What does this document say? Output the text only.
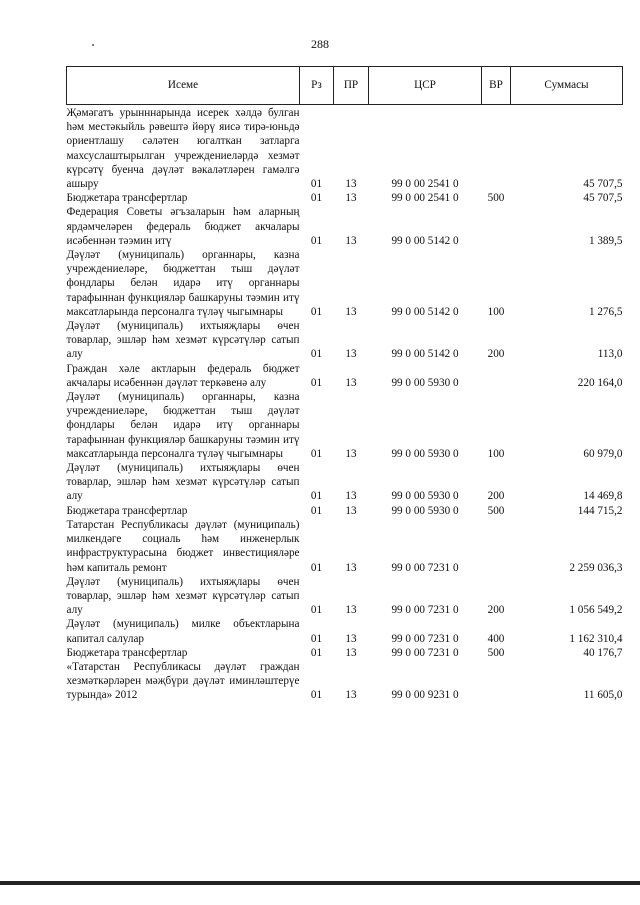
288
Исеме	Рз	ПР	ЦСР	ВР	Суммасы
Җәмәгатъ урынннарында исерек хәлдә булган һәм местәкыйль рәвештә йөрү яисә тирә-юньдә ориентлашу сәләтен югалткан затларга махсуслаштырылган учреждениеләрдә хезмәт күрсәтү буенча дәүләт вәкаләтләрен гамәлгә ашыру	01	13	99 0 00 2541 0		45 707,5
Бюджетара трансфертлар	01	13	99 0 00 2541 0	500	45 707,5
Федерация Советы әгъзаларын һәм аларның ярдәмчеләрен федераль бюджет акчалары исәбеннән тәэмин итү	01	13	99 0 00 5142 0		1 389,5
Дәүләт (муниципаль) органнары, казна учреждениеләре, бюджеттан тыш дәүләт фондлары белән идарә итү органнары тарафыннан функцияләр башкаруны тәэмин итү максатларында персоналга түләү чыгымнары	01	13	99 0 00 5142 0	100	1 276,5
Дәүләт (муниципаль) ихтыяҗлары өчен товарлар, эшләр һәм хезмәт күрсәтүләр сатып алу	01	13	99 0 00 5142 0	200	113,0
Граждан хәле актларын федераль бюджет акчалары исәбеннән дәүләт теркәвенә алу	01	13	99 0 00 5930 0		220 164,0
Дәүләт (муниципаль) органнары, казна учреждениеләре, бюджеттан тыш дәүләт фондлары белән идарә итү органнары тарафыннан функцияләр башкаруны тәэмин итү максатларында персоналга түләү чыгымнары	01	13	99 0 00 5930 0	100	60 979,0
Дәүләт (муниципаль) ихтыяҗлары өчен товарлар, эшләр һәм хезмәт күрсәтүләр сатып алу	01	13	99 0 00 5930 0	200	14 469,8
Бюджетара трансфертлар	01	13	99 0 00 5930 0	500	144 715,2
Татарстан Республикасы дәүләт (муниципаль) милкендәге социаль һәм инженерлык инфраструктурасына бюджет инвестицияләре һәм капиталь ремонт	01	13	99 0 00 7231 0		2 259 036,3
Дәүләт (муниципаль) ихтыяҗлары өчен товарлар, эшләр һәм хезмәт күрсәтүләр сатып алу	01	13	99 0 00 7231 0	200	1 056 549,2
Дәүләт (муниципаль) милке объектларына капитал салулар	01	13	99 0 00 7231 0	400	1 162 310,4
Бюджетара трансфертлар	01	13	99 0 00 7231 0	500	40 176,7
«Татарстан Республикасы дәүләт граждан хезмәткәрләрен мәҗбүри дәүләт иминләштерүе турында» 2012	01	13	99 0 00 9231 0		11 605,0
